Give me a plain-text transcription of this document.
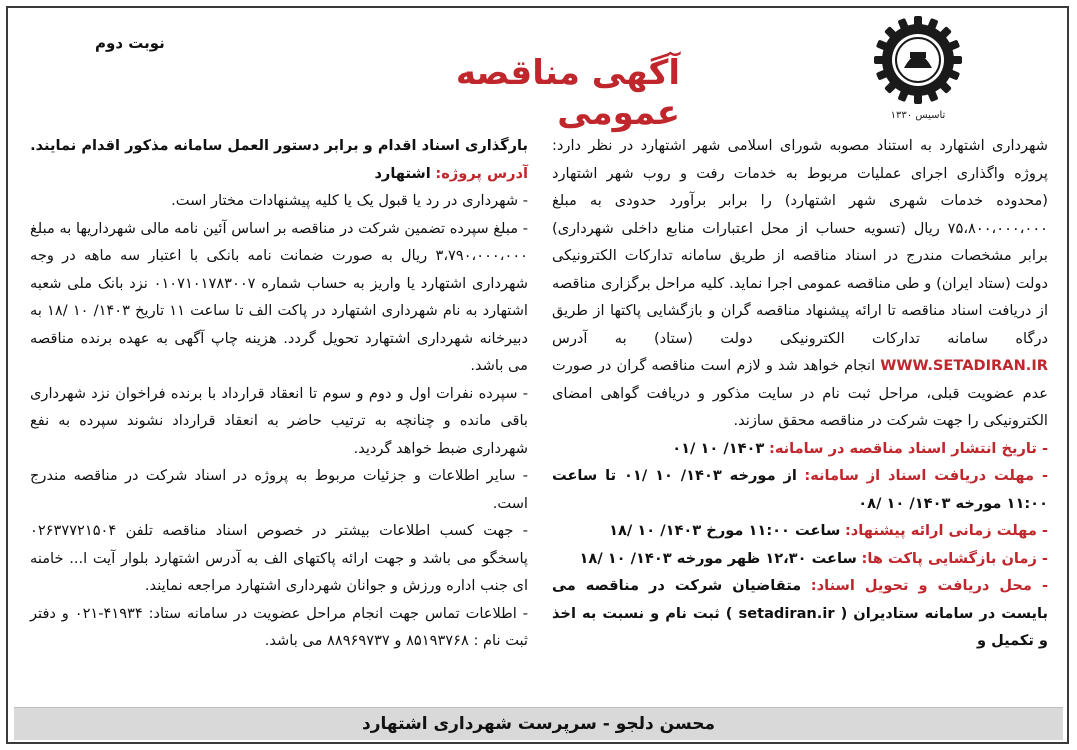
نوبت دوم
آگهی مناقصه عمومی	تاسیس ۱۳۳۰

شهرداری اشتهارد به استناد مصوبه شورای اسلامی شهر اشتهارد در نظر دارد: پروژه واگذاری اجرای عملیات مربوط به خدمات رفت و روب شهر اشتهارد (محدوده خدمات شهری شهر اشتهارد) را برابر برآورد حدودی به مبلغ ۷۵،۸۰۰،۰۰۰،۰۰۰ ریال (تسویه حساب از محل اعتبارات منابع داخلی شهرداری) برابر مشخصات مندرج در اسناد مناقصه از طریق سامانه تدارکات الکترونیکی دولت (ستاد ایران) و طی مناقصه عمومی اجرا نماید. کلیه مراحل برگزاری مناقصه از دریافت اسناد مناقصه تا ارائه پیشنهاد مناقصه گران و بازگشایی پاکتها از طریق درگاه سامانه تدارکات الکترونیکی دولت (ستاد) به آدرس WWW.SETADIRAN.IR انجام خواهد شد و لازم است مناقصه گران در صورت عدم عضویت قبلی، مراحل ثبت نام در سایت مذکور و دریافت گواهی امضای الکترونیکی را جهت شرکت در مناقصه محقق سازند.

- تاریخ انتشار اسناد مناقصه در سامانه: ۱۴۰۳/ ۱۰ /۰۱

- مهلت دریافت اسناد از سامانه: از مورخه ۱۴۰۳/ ۱۰ /۰۱ تا ساعت ۱۱:۰۰ مورخه ۱۴۰۳/ ۱۰ /۰۸

- مهلت زمانی ارائه پیشنهاد: ساعت ۱۱:۰۰ مورخ ۱۴۰۳/ ۱۰ /۱۸

- زمان بازگشایی پاکت ها: ساعت ۱۲،۳۰ ظهر مورخه ۱۴۰۳/ ۱۰ /۱۸

- محل دریافت و تحویل اسناد: متقاضیان شرکت در مناقصه می بایست در سامانه ستادیران ( setadiran.ir ) ثبت نام و نسبت به اخذ و تکمیل و

بارگذاری اسناد اقدام و برابر دستور العمل سامانه مذکور اقدام نمایند.

آدرس پروژه: اشتهارد

- شهرداری در رد یا قبول یک یا کلیه پیشنهادات مختار است.

- مبلغ سپرده تضمین شرکت در مناقصه بر اساس آئین نامه مالی شهرداریها به مبلغ ۳،۷۹۰،۰۰۰،۰۰۰ ریال به صورت ضمانت نامه بانکی با اعتبار سه ماهه در وجه شهرداری اشتهارد یا واریز به حساب شماره ۰۱۰۷۱۰۱۷۸۳۰۰۷ نزد بانک ملی شعبه اشتهارد به نام شهرداری اشتهارد در پاکت الف تا ساعت ۱۱ تاریخ ۱۴۰۳/ ۱۰ /۱۸ به دبیرخانه شهرداری اشتهارد تحویل گردد. هزینه چاپ آگهی به عهده برنده مناقصه می باشد.

- سپرده نفرات اول و دوم و سوم تا انعقاد قرارداد با برنده فراخوان نزد شهرداری باقی مانده و چنانچه به ترتیب حاضر به انعقاد قرارداد نشوند سپرده به نفع شهرداری ضبط خواهد گردید.

- سایر اطلاعات و جزئیات مربوط به پروژه در اسناد شرکت در مناقصه مندرج است.

- جهت کسب اطلاعات بیشتر در خصوص اسناد مناقصه تلفن ۰۲۶۳۷۷۲۱۵۰۴ پاسخگو می باشد و جهت ارائه پاکتهای الف به آدرس اشتهارد بلوار آیت ا... خامنه ای جنب اداره ورزش و جوانان شهرداری اشتهارد مراجعه نمایند.

- اطلاعات تماس جهت انجام مراحل عضویت در سامانه ستاد: ۴۱۹۳۴-۰۲۱ و دفتر ثبت نام : ۸۵۱۹۳۷۶۸ و ۸۸۹۶۹۷۳۷ می باشد.

محسن دلجو - سرپرست شهرداری اشتهارد
